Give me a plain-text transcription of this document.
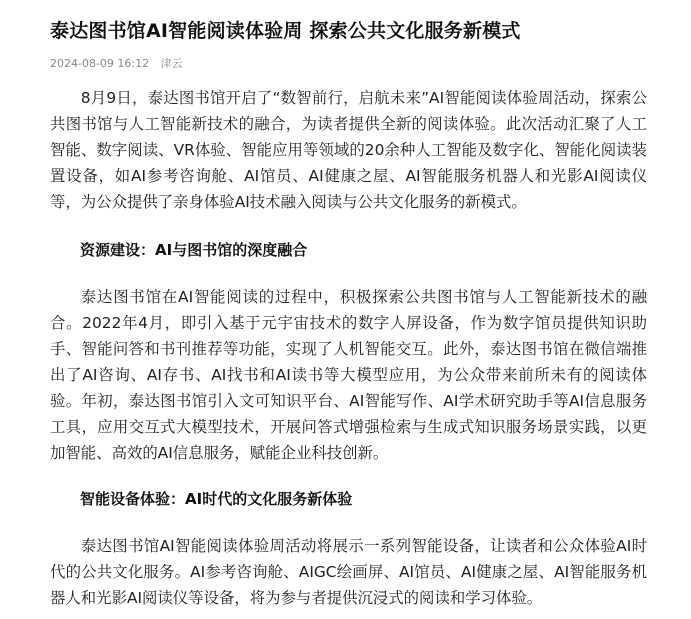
泰达图书馆AI智能阅读体验周 探索公共文化服务新模式
2024-08-09 16:12 津云

8月9日，泰达图书馆开启了“数智前行，启航未来”AI智能阅读体验周活动，探索公共图书馆与人工智能新技术的融合，为读者提供全新的阅读体验。此次活动汇聚了人工智能、数字阅读、VR体验、智能应用等领域的20余种人工智能及数字化、智能化阅读装置设备，如AI参考咨询舱、AI馆员、AI健康之屋、AI智能服务机器人和光影AI阅读仪等，为公众提供了亲身体验AI技术融入阅读与公共文化服务的新模式。

资源建设：AI与图书馆的深度融合

泰达图书馆在AI智能阅读的过程中，积极探索公共图书馆与人工智能新技术的融合。2022年4月，即引入基于元宇宙技术的数字人屏设备，作为数字馆员提供知识助手、智能问答和书刊推荐等功能，实现了人机智能交互。此外，泰达图书馆在微信端推出了AI咨询、AI存书、AI找书和AI读书等大模型应用，为公众带来前所未有的阅读体验。年初，泰达图书馆引入文可知识平台、AI智能写作、AI学术研究助手等AI信息服务工具，应用交互式大模型技术，开展问答式增强检索与生成式知识服务场景实践，以更加智能、高效的AI信息服务，赋能企业科技创新。

智能设备体验：AI时代的文化服务新体验

泰达图书馆AI智能阅读体验周活动将展示一系列智能设备，让读者和公众体验AI时代的公共文化服务。AI参考咨询舱、AIGC绘画屏、AI馆员、AI健康之屋、AI智能服务机器人和光影AI阅读仪等设备，将为参与者提供沉浸式的阅读和学习体验。
